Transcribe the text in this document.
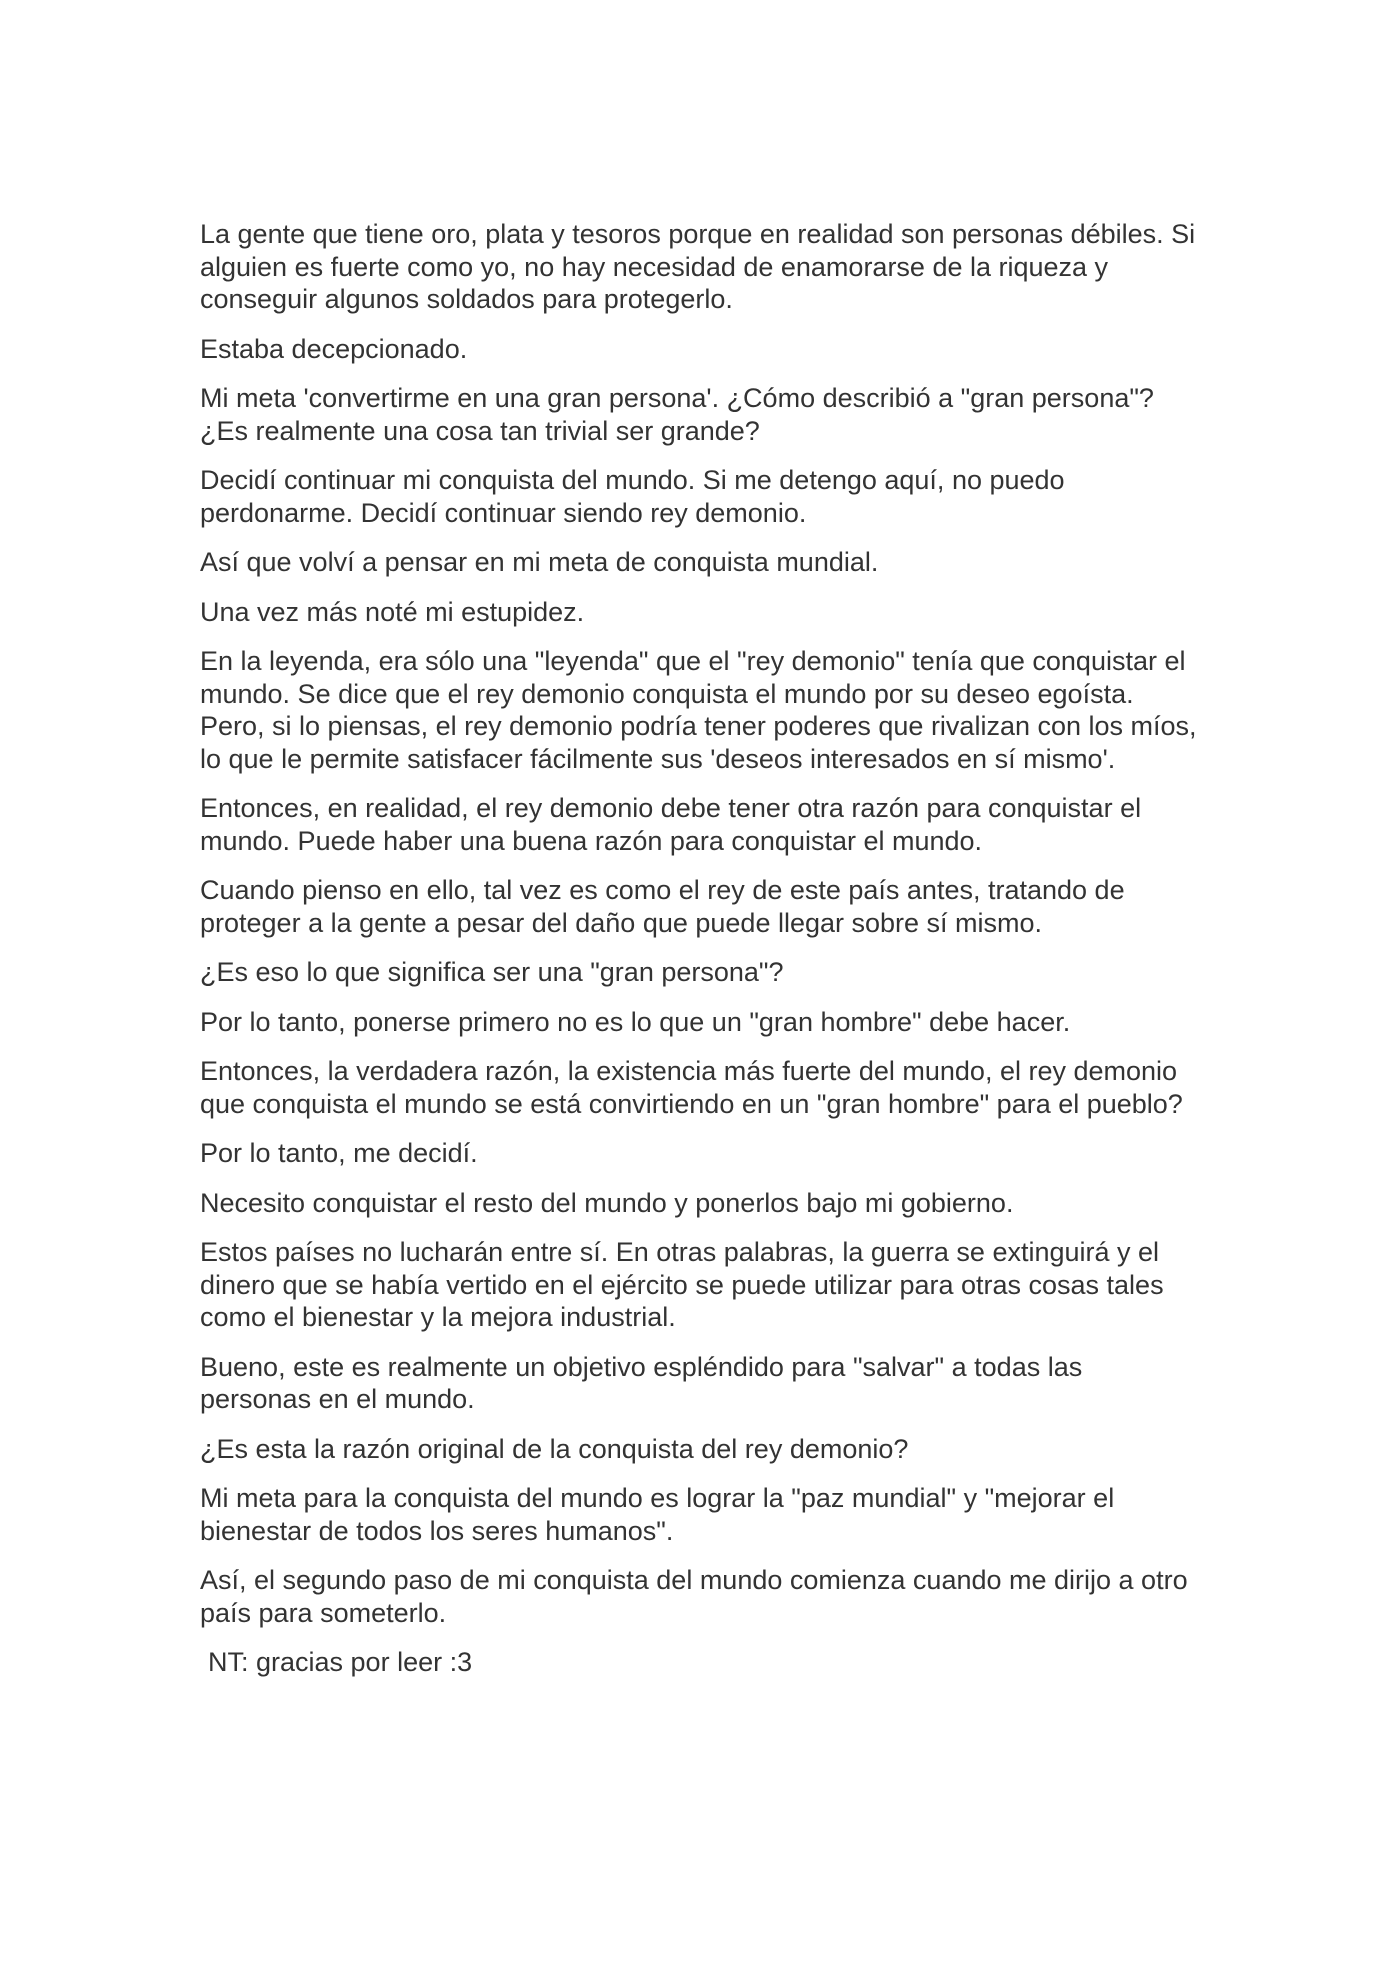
La gente que tiene oro, plata y tesoros porque en realidad son personas débiles. Si alguien es fuerte como yo, no hay necesidad de enamorarse de la riqueza y conseguir algunos soldados para protegerlo.

Estaba decepcionado.

Mi meta 'convertirme en una gran persona'. ¿Cómo describió a "gran persona"? ¿Es realmente una cosa tan trivial ser grande?

Decidí continuar mi conquista del mundo. Si me detengo aquí, no puedo perdonarme. Decidí continuar siendo rey demonio.

Así que volví a pensar en mi meta de conquista mundial.

Una vez más noté mi estupidez.

En la leyenda, era sólo una "leyenda" que el "rey demonio" tenía que conquistar el mundo. Se dice que el rey demonio conquista el mundo por su deseo egoísta. Pero, si lo piensas, el rey demonio podría tener poderes que rivalizan con los míos, lo que le permite satisfacer fácilmente sus 'deseos interesados en sí mismo'.

Entonces, en realidad, el rey demonio debe tener otra razón para conquistar el mundo. Puede haber una buena razón para conquistar el mundo.

Cuando pienso en ello, tal vez es como el rey de este país antes, tratando de proteger a la gente a pesar del daño que puede llegar sobre sí mismo.

¿Es eso lo que significa ser una "gran persona"?

Por lo tanto, ponerse primero no es lo que un "gran hombre" debe hacer.

Entonces, la verdadera razón, la existencia más fuerte del mundo, el rey demonio que conquista el mundo se está convirtiendo en un "gran hombre" para el pueblo?

Por lo tanto, me decidí.

Necesito conquistar el resto del mundo y ponerlos bajo mi gobierno.

Estos países no lucharán entre sí. En otras palabras, la guerra se extinguirá y el dinero que se había vertido en el ejército se puede utilizar para otras cosas tales como el bienestar y la mejora industrial.

Bueno, este es realmente un objetivo espléndido para "salvar" a todas las personas en el mundo.

¿Es esta la razón original de la conquista del rey demonio?

Mi meta para la conquista del mundo es lograr la "paz mundial" y "mejorar el bienestar de todos los seres humanos".

Así, el segundo paso de mi conquista del mundo comienza cuando me dirijo a otro país para someterlo.

NT: gracias por leer :3
